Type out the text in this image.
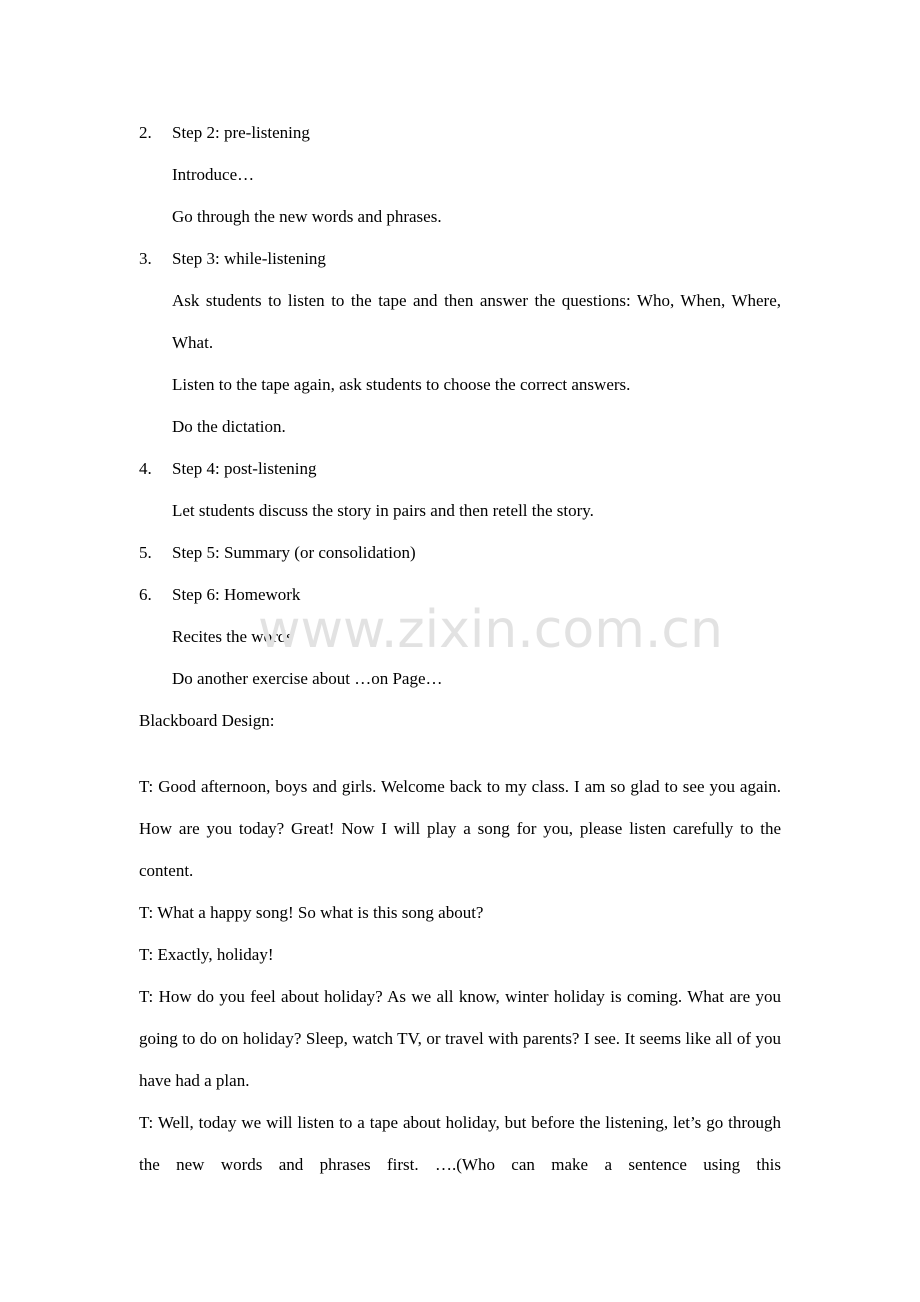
2.	Step 2: pre-listening
Introduce…
Go through the new words and phrases.
3.	Step 3: while-listening
Ask students to listen to the tape and then answer the questions: Who, When, Where, What.
Listen to the tape again, ask students to choose the correct answers.
Do the dictation.
4.	Step 4: post-listening
Let students discuss the story in pairs and then retell the story.
5.	Step 5: Summary (or consolidation)
6.	Step 6: Homework
Recites the words
Do another exercise about …on Page…
Blackboard Design:
T: Good afternoon, boys and girls. Welcome back to my class. I am so glad to see you again. How are you today? Great! Now I will play a song for you, please listen carefully to the content.
T: What a happy song! So what is this song about?
T: Exactly, holiday!
T: How do you feel about holiday? As we all know, winter holiday is coming. What are you going to do on holiday? Sleep, watch TV, or travel with parents? I see. It seems like all of you have had a plan.
T: Well, today we will listen to a tape about holiday, but before the listening, let’s go through the new words and phrases first. ….(Who can make a sentence using this
www.zixin.com.cn
